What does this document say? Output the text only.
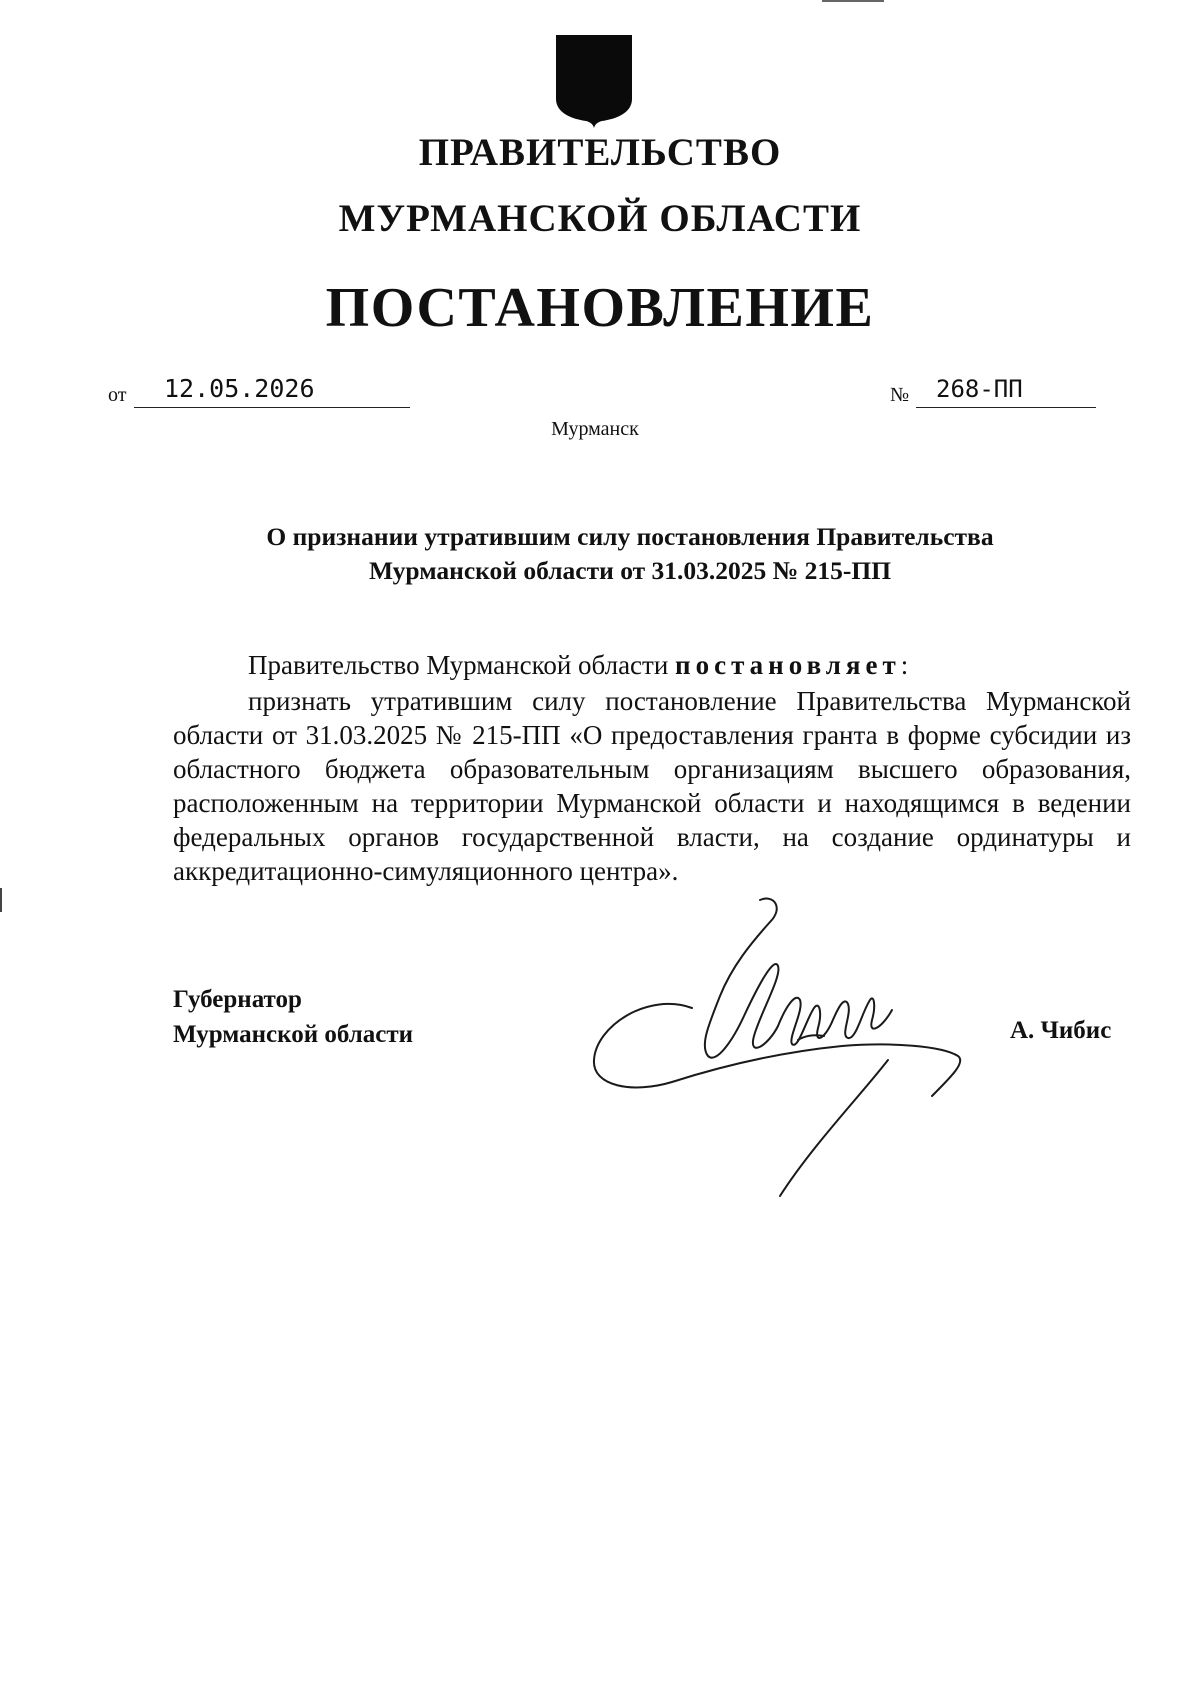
ПРАВИТЕЛЬСТВО
МУРМАНСКОЙ ОБЛАСТИ
ПОСТАНОВЛЕНИЕ
от	12.05.2026	№	268-ПП
Мурманск
О признании утратившим силу постановления Правительства
Мурманской области от 31.03.2025 № 215-ПП
Правительство Мурманской области постановляет:

признать утратившим силу постановление Правительства Мурманской области от 31.03.2025 № 215-ПП «О предоставления гранта в форме субсидии из областного бюджета образовательным организациям высшего образования, расположенным на территории Мурманской области и находящимся в ведении федеральных органов государственной власти, на создание ординатуры и аккредитационно-симуляционного центра».

Губернатор
Мурманской области	А. Чибис
